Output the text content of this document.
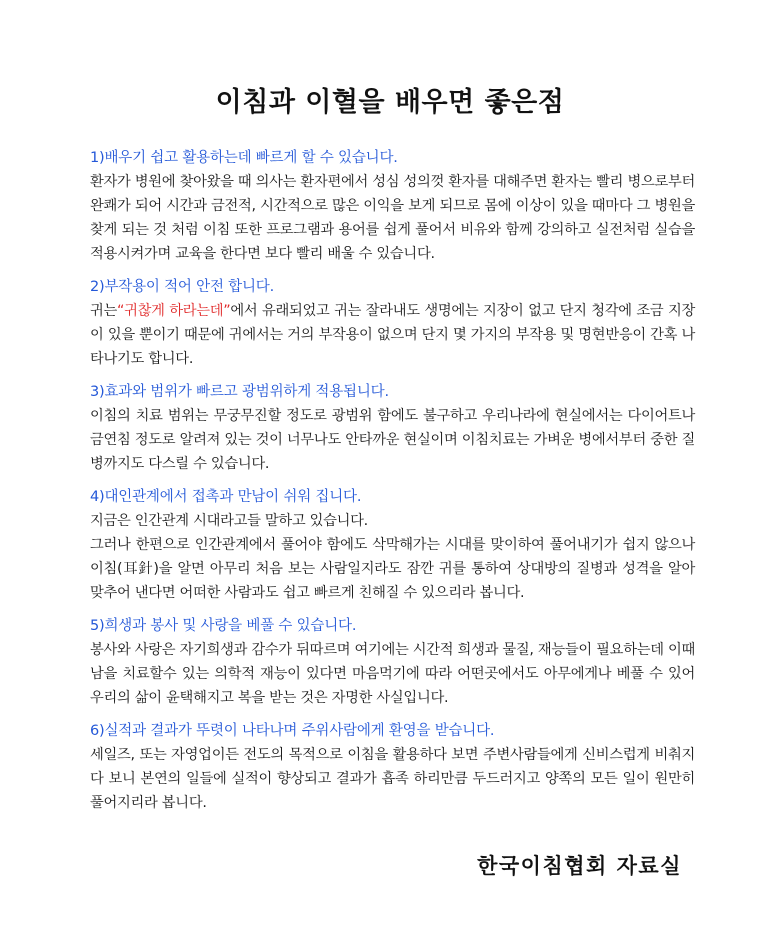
이침과 이혈을 배우면 좋은점
1)배우기 쉽고 활용하는데 빠르게 할 수 있습니다.
환자가 병원에 찾아왔을 때 의사는 환자편에서 성심 성의껏 환자를 대해주면 환자는 빨리 병으로부터 완쾌가 되어 시간과 금전적, 시간적으로 많은 이익을 보게 되므로 몸에 이상이 있을 때마다 그 병원을 찾게 되는 것 처럼 이침 또한 프로그램과 용어를 쉽게 풀어서 비유와 함께 강의하고 실전처럼 실습을 적용시켜가며 교육을 한다면 보다 빨리 배울 수 있습니다.
2)부작용이 적어 안전 합니다.
귀는“귀찮게 하라는데”에서 유래되었고 귀는 잘라내도 생명에는 지장이 없고 단지 청각에 조금 지장이 있을 뿐이기 때문에 귀에서는 거의 부작용이 없으며 단지 몇 가지의 부작용 및 명현반응이 간혹 나타나기도 합니다.
3)효과와 범위가 빠르고 광범위하게 적용됩니다.
이침의 치료 범위는 무궁무진할 정도로 광범위 함에도 불구하고 우리나라에 현실에서는 다이어트나 금연침 정도로 알려져 있는 것이 너무나도 안타까운 현실이며 이침치료는 가벼운 병에서부터 중한 질병까지도 다스릴 수 있습니다.
4)대인관계에서 접촉과 만남이 쉬워 집니다.
지금은 인간관계 시대라고들 말하고 있습니다.
그러나 한편으로 인간관계에서 풀어야 함에도 삭막해가는 시대를 맞이하여 풀어내기가 쉽지 않으나 이침(耳針)을 알면 아무리 처음 보는 사람일지라도 잠깐 귀를 통하여 상대방의 질병과 성격을 알아 맞추어 낸다면 어떠한 사람과도 쉽고 빠르게 친해질 수 있으리라 봅니다.
5)희생과 봉사 및 사랑을 베풀 수 있습니다.
봉사와 사랑은 자기희생과 감수가 뒤따르며 여기에는 시간적 희생과 물질, 재능들이 필요하는데 이때 남을 치료할수 있는 의학적 재능이 있다면 마음먹기에 따라 어떤곳에서도 아무에게나 베풀 수 있어 우리의 삶이 윤택해지고 복을 받는 것은 자명한 사실입니다.
6)실적과 결과가 뚜렷이 나타나며 주위사람에게 환영을 받습니다.
세일즈, 또는 자영업이든 전도의 목적으로 이침을 활용하다 보면 주변사람들에게 신비스럽게 비춰지다 보니 본연의 일들에 실적이 향상되고 결과가 흡족 하리만큼 두드러지고 양쪽의 모든 일이 원만히 풀어지리라 봅니다.
한국이침협회 자료실
